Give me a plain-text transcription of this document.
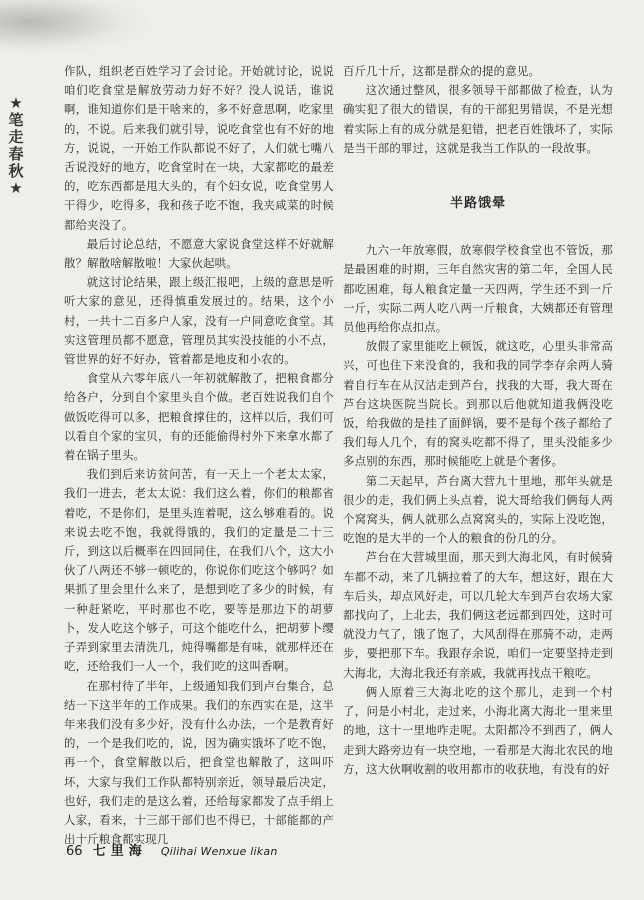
★
笔
走
春
秋
★

作队，组织老百姓学习了会讨论。开始就讨论，说说咱们吃食堂是解放劳动力好不好？没人说话，谁说啊，谁知道你们是干啥来的，多不好意思啊，吃家里的，不说。后来我们就引导，说吃食堂也有不好的地方，说说，一开始工作队都说不好了，人们就七嘴八舌说没好的地方，吃食堂时在一块，大家都吃的最差的，吃东西都是甩大头的，有个妇女说，吃食堂男人干得少，吃得多，我和孩子吃不饱，我夹咸菜的时候都给夹没了。

最后讨论总结，不愿意大家说食堂这样不好就解散？解散啥解散啦！大家伙起哄。

就这讨论结果，跟上级汇报吧，上级的意思是听听大家的意见，还得慎重发展过的。结果，这个小村，一共十二百多户人家，没有一户同意吃食堂。其实这管理员都不愿意，管理员其实没技能的小不点，管世界的好不好办，管着都是地皮和小农的。

食堂从六零年底八一年初就解散了，把粮食都分给各户，分到自个家里头自个做。老百姓说我们自个做饭吃得可以多，把粮食撑住的，这样以后，我们可以看自个家的宝贝，有的还能偷得村外下来拿水都了着在锅子里头。

我们到后来访贫问苦，有一天上一个老太太家，我们一进去，老太太说：我们这么着，你们的粮都省着吃，不是你们，是里头连着呢，这么够难看的。说来说去吃不饱，我就得饿的，我们的定量是二十三斤，到这以后概率在四回同住，在我们八个，这大小伙了八两还不够一顿吃的，你说你们吃这个够吗？如果抓了里会里什么来了，是想到吃了多少的时候，有一种赶紧吃，平时那也不吃，要等是那边下的胡萝卜，发人吃这个够子，可这个能吃什么，把胡萝卜缨子弄到家里去清洗几，炖得嘴都是有味，就那样还在吃，还给我们一人一个，我们吃的这叫香啊。

在那村待了半年，上级通知我们到卢台集合，总结一下这半年的工作成果。我们的东西实在是，这半年来我们没有多少好，没有什么办法，一个是教育好的，一个是我们吃的，说，因为确实饿坏了吃不饱，再一个，食堂解散以后，把食堂也解散了，这叫吓坏，大家与我们工作队都特别亲近，领导最后决定，也好，我们走的是这么着，还给每家都发了点手绢上人家，看来，十三部干部们也不得已，十部能都的产出十斤粮食都实现几

百斤几十斤，这都是群众的提的意见。

这次通过整风，很多领导干部都做了检查，认为确实犯了很大的错误，有的干部犯男错误，不是光想着实际上有的成分就是犯错，把老百姓饿坏了，实际是当干部的罪过，这就是我当工作队的一段故事。

半路饿晕

九六一年放寒假，放寒假学校食堂也不管饭，那是最困难的时期，三年自然灾害的第二年，全国人民都吃困难，每人粮食定量一天四两，学生还不到一斤一斤，实际二两人吃八两一斤粮食，大姨都还有管理员他再给你点扣点。

放假了家里能吃上顿饭，就这吃，心里头非常高兴，可也住下来没食的，我和我的同学李存余两人骑着自行车在从汉沽走到芦台，找我的大哥，我大哥在芦台这块医院当院长。到那以后他就知道我俩没吃饭，给我做的是挂了面鲜锅，要不是每个孩子都给了我们每人几个，有的窝头吃都不得了，里头没能多少多点别的东西，那时候能吃上就是个奢侈。

第二天起早，芦台离大营九十里地，那年头就是很少的走，我们俩上头点着，说大哥给我们俩每人两个窝窝头，俩人就那么点窝窝头的，实际上没吃饱，吃饱的是大半的一个人的粮食的份几的分。

芦台在大营城里面，那天到大海北风，有时候骑车都不动，来了几辆拉着了的大车，想这好，跟在大车后头，却点风好走，可以几轮大车到芦台农场大家都找向了，上北去，我们俩这老远都到四处，这时可就没力气了，饿了饱了，大风刮得在那骑不动，走两步，要把那下车。我跟存余说，咱们一定要坚持走到大海北，大海北我还有亲戚，我就再找点干粮吃。

俩人原着三大海北吃的这个那儿，走到一个村了，问是小村北，走过来，小海北离大海北一里来里的地，这十一里地咋走呢。太阳都冷不到西了，俩人走到大路旁边有一块空地，一看那是大海北农民的地方，这大伙啊收割的收用都市的收获地，有没有的好

66 七里海 Qilihai Wenxue likan
